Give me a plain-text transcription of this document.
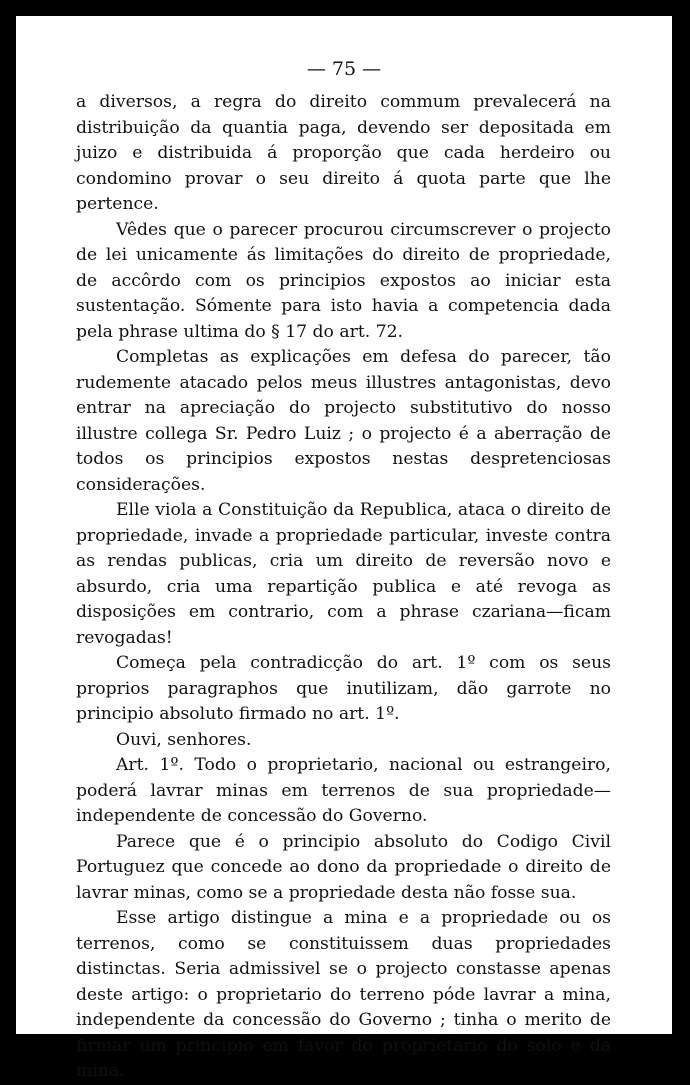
— 75 —

a diversos, a regra do direito commum prevalecerá na distribuição da quantia paga, devendo ser depositada em juizo e distribuida á proporção que cada herdeiro ou condomino provar o seu direito á quota parte que lhe pertence.

Vêdes que o parecer procurou circumscrever o projecto de lei unicamente ás limitações do direito de propriedade, de accôrdo com os principios expostos ao iniciar esta sustentação. Sómente para isto havia a competencia dada pela phrase ultima do § 17 do art. 72.

Completas as explicações em defesa do parecer, tão rudemente atacado pelos meus illustres antagonistas, devo entrar na apreciação do projecto substitutivo do nosso illustre collega Sr. Pedro Luiz ; o projecto é a aberração de todos os principios expostos nestas despretenciosas considerações.

Elle viola a Constituição da Republica, ataca o direito de propriedade, invade a propriedade particular, investe contra as rendas publicas, cria um direito de reversão novo e absurdo, cria uma repartição publica e até revoga as disposições em contrario, com a phrase czariana—ficam revogadas!

Começa pela contradicção do art. 1º com os seus proprios paragraphos que inutilizam, dão garrote no principio absoluto firmado no art. 1º.

Ouvi, senhores.

Art. 1º. Todo o proprietario, nacional ou estrangeiro, poderá lavrar minas em terrenos de sua propriedade—independente de concessão do Governo.

Parece que é o principio absoluto do Codigo Civil Portuguez que concede ao dono da propriedade o direito de lavrar minas, como se a propriedade desta não fosse sua.

Esse artigo distingue a mina e a propriedade ou os terrenos, como se constituissem duas propriedades distinctas. Seria admissivel se o projecto constasse apenas deste artigo: o proprietario do terreno póde lavrar a mina, independente da concessão do Governo ; tinha o merito de firmar um principio em favor do proprietario do solo e da mina.
